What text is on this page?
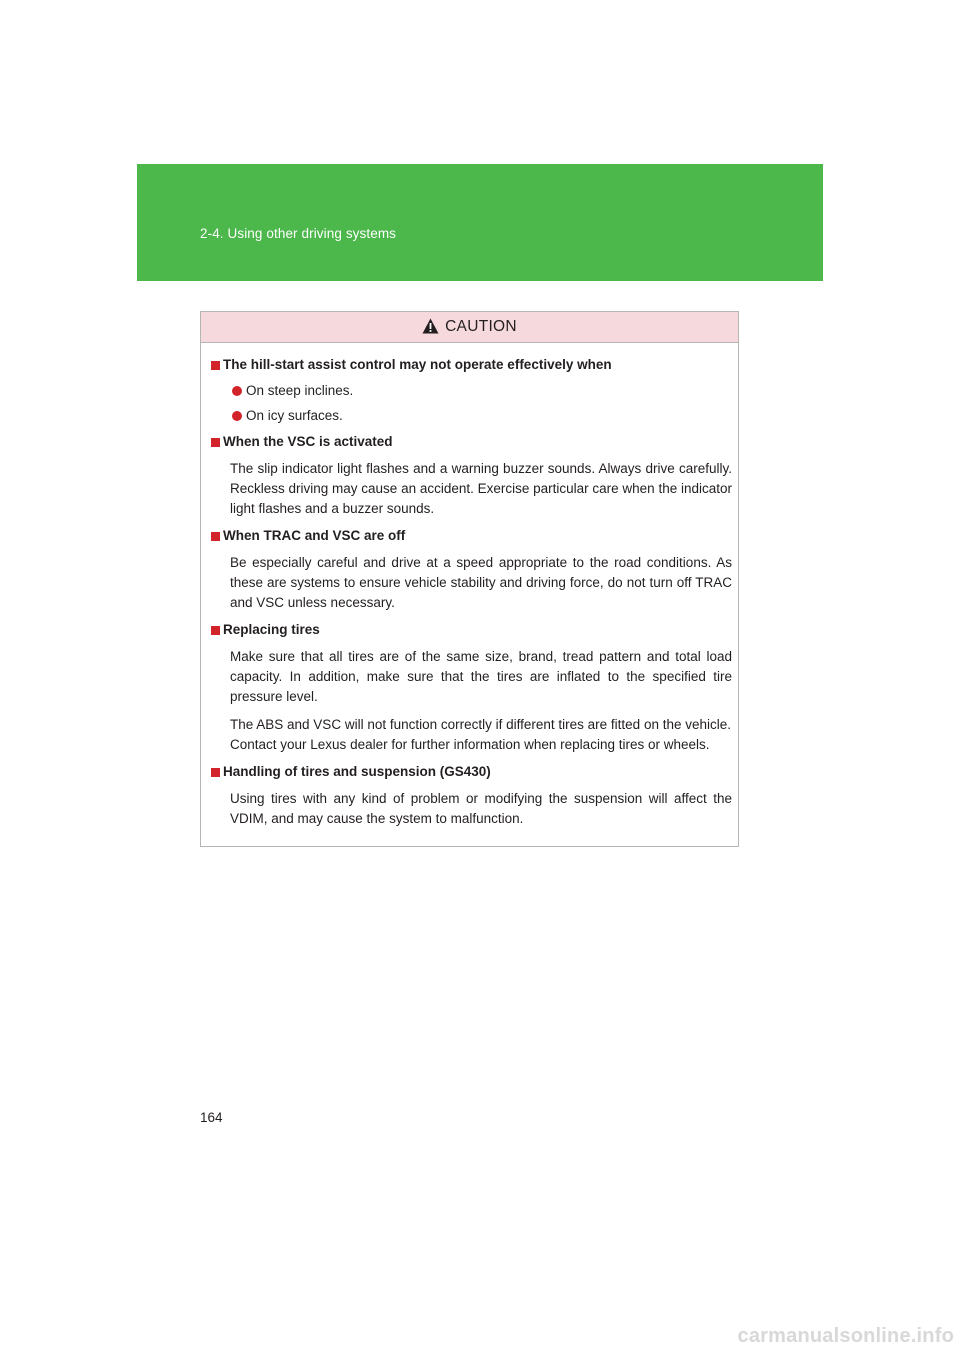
2-4. Using other driving systems
CAUTION
The hill-start assist control may not operate effectively when
On steep inclines.
On icy surfaces.
When the VSC is activated
The slip indicator light flashes and a warning buzzer sounds. Always drive carefully. Reckless driving may cause an accident. Exercise particular care when the indicator light flashes and a buzzer sounds.
When TRAC and VSC are off
Be especially careful and drive at a speed appropriate to the road conditions. As these are systems to ensure vehicle stability and driving force, do not turn off TRAC and VSC unless necessary.
Replacing tires
Make sure that all tires are of the same size, brand, tread pattern and total load capacity. In addition, make sure that the tires are inflated to the specified tire pressure level.
The ABS and VSC will not function correctly if different tires are fitted on the vehicle.
Contact your Lexus dealer for further information when replacing tires or wheels.
Handling of tires and suspension (GS430)
Using tires with any kind of problem or modifying the suspension will affect the VDIM, and may cause the system to malfunction.
164
carmanualsonline.info
